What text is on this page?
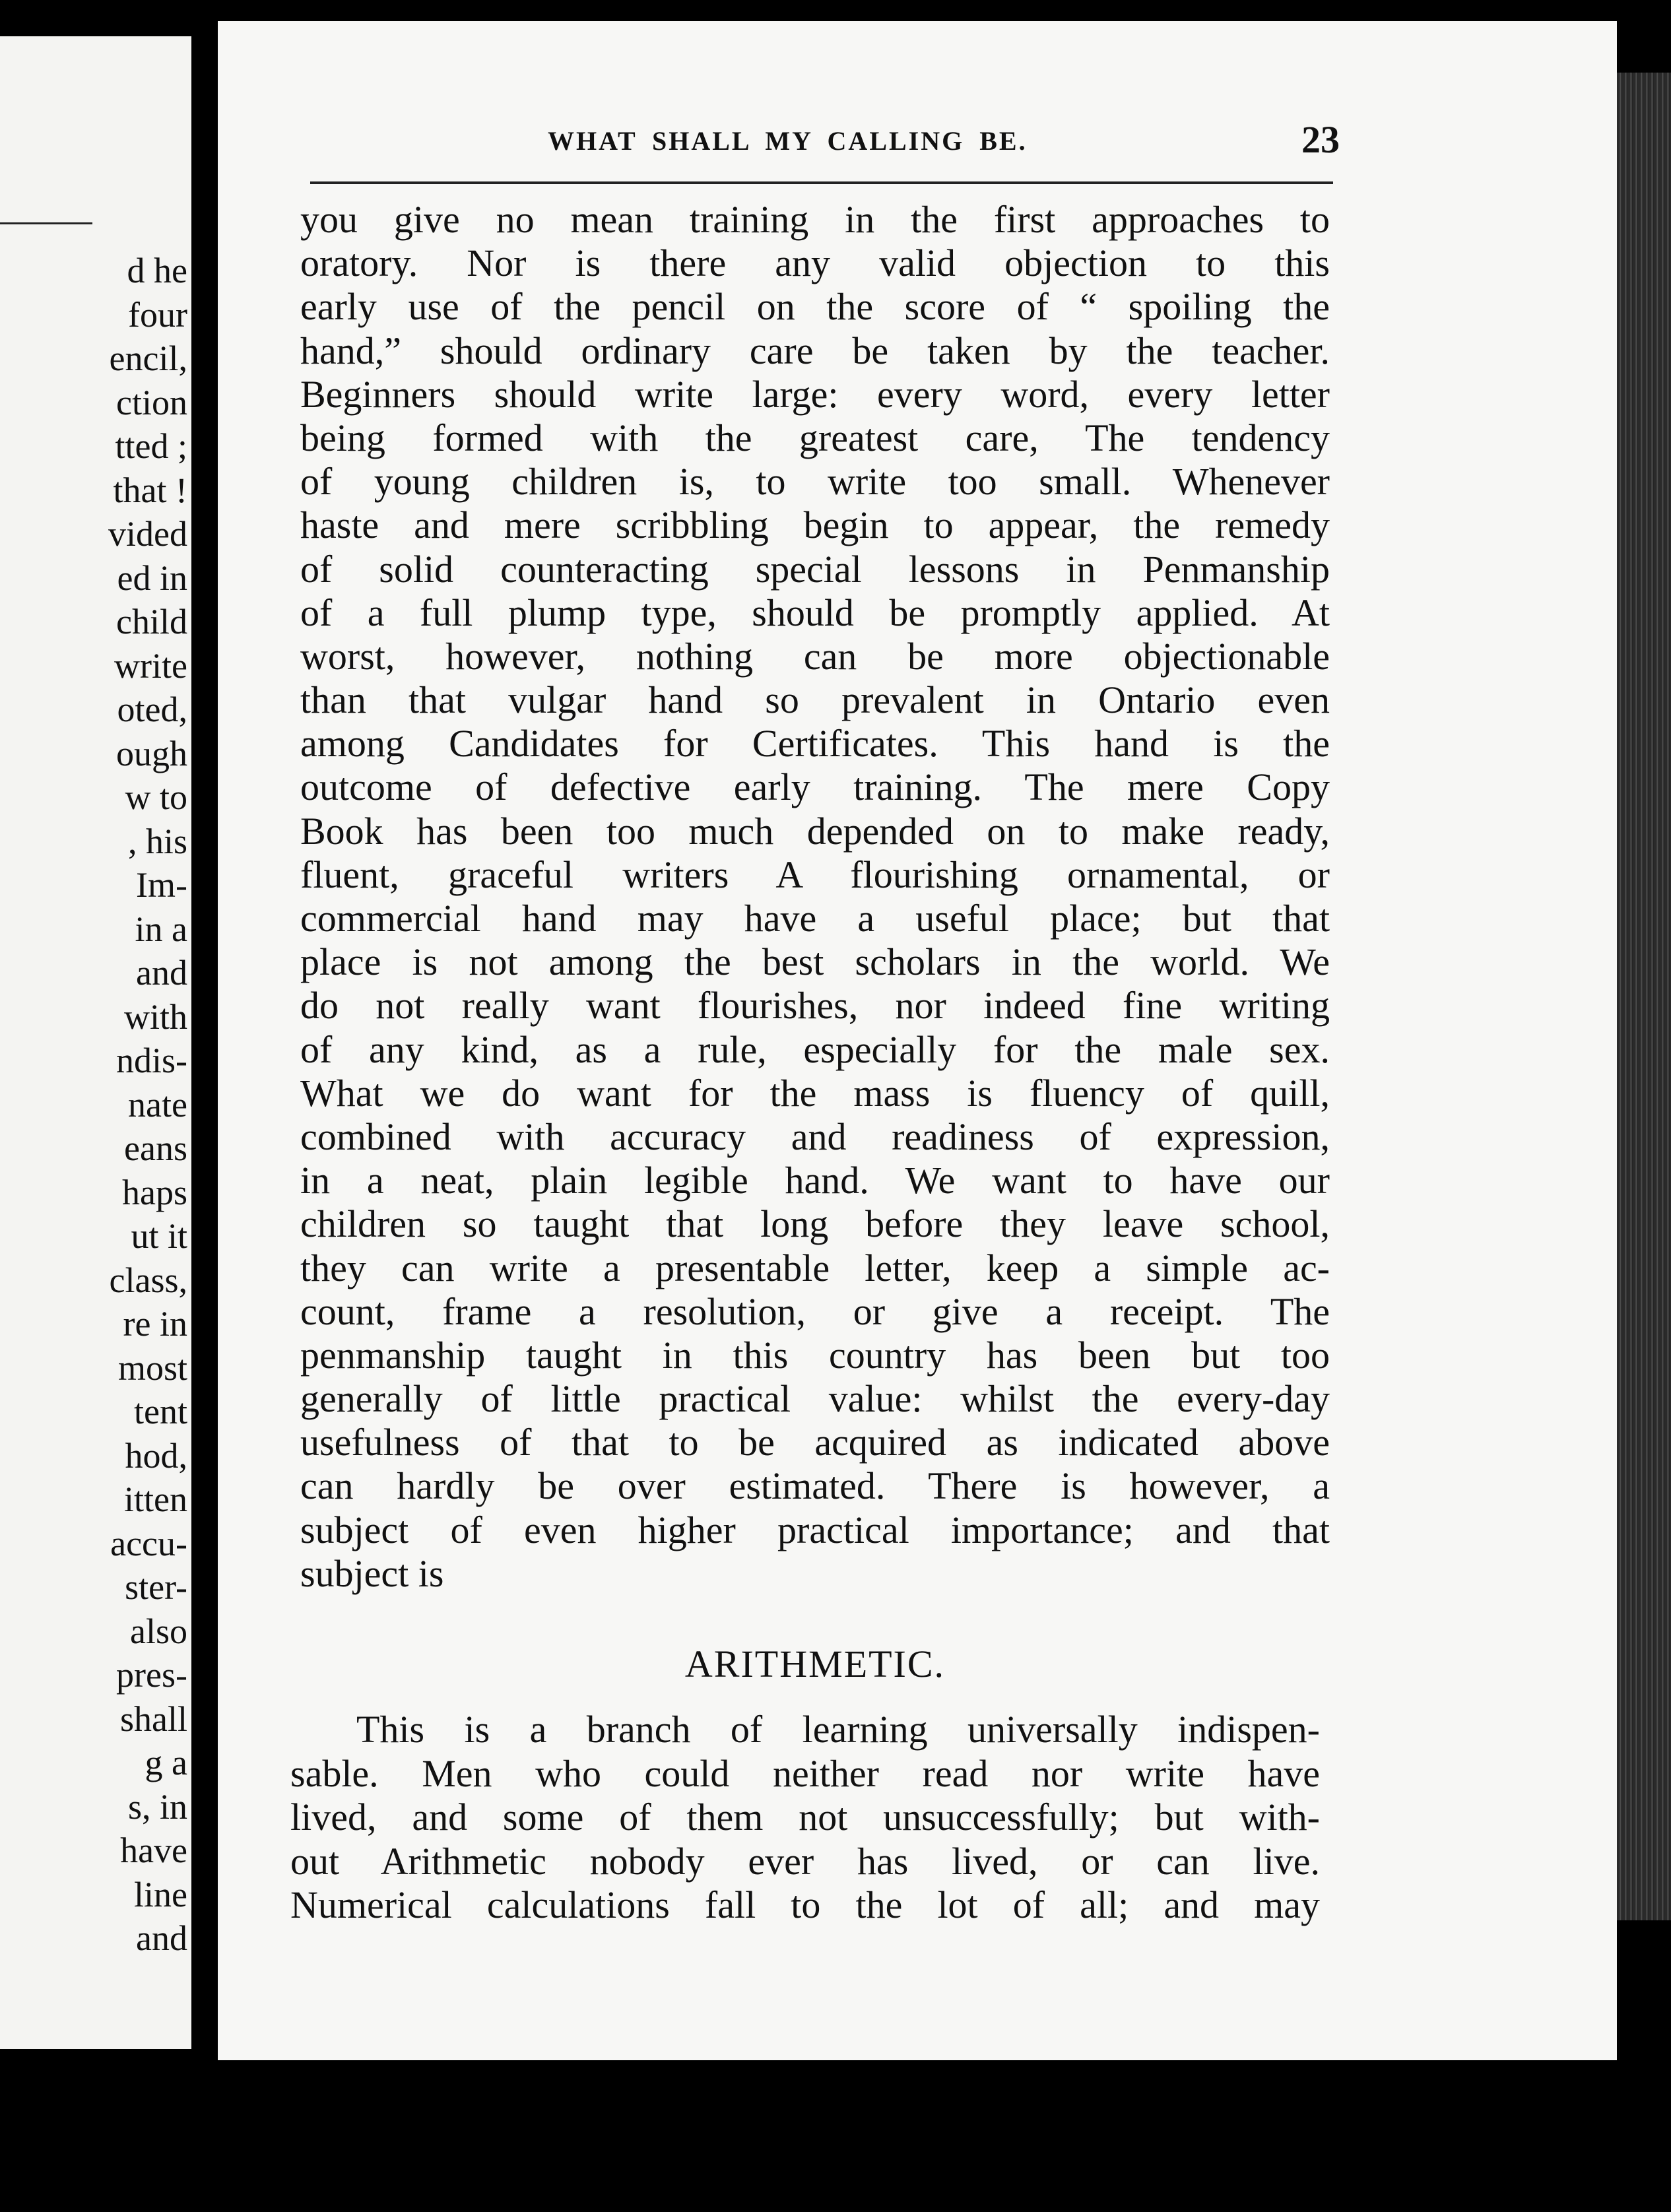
d he
four
encil,
ction
tted ;
that !
vided
ed in
child
write
oted,
ough
w to
, his
Im-
in a
and
with
ndis-
nate
eans
haps
ut it
class,
re in
most
tent
hod,
itten
accu-
ster-
also
pres-
shall
g a
s, in
have
line
and
WHAT SHALL MY CALLING BE.	23
you give no mean training in the first approaches to
oratory. Nor is there any valid objection to this
early use of the pencil on the score of “ spoiling the
hand,” should ordinary care be taken by the teacher.
Beginners should write large: every word, every letter
being formed with the greatest care, The tendency
of young children is, to write too small. Whenever
haste and mere scribbling begin to appear, the remedy
of solid counteracting special lessons in Penmanship
of a full plump type, should be promptly applied. At
worst, however, nothing can be more objectionable
than that vulgar hand so prevalent in Ontario even
among Candidates for Certificates. This hand is the
outcome of defective early training. The mere Copy
Book has been too much depended on to make ready,
fluent, graceful writers A flourishing ornamental, or
commercial hand may have a useful place; but that
place is not among the best scholars in the world. We
do not really want flourishes, nor indeed fine writing
of any kind, as a rule, especially for the male sex.
What we do want for the mass is fluency of quill,
combined with accuracy and readiness of expression,
in a neat, plain legible hand. We want to have our
children so taught that long before they leave school,
they can write a presentable letter, keep a simple ac-
count, frame a resolution, or give a receipt. The
penmanship taught in this country has been but too
generally of little practical value: whilst the every-day
usefulness of that to be acquired as indicated above
can hardly be over estimated. There is however, a
subject of even higher practical importance; and that
subject is
ARITHMETIC.
This is a branch of learning universally indispen-
sable. Men who could neither read nor write have
lived, and some of them not unsuccessfully; but with-
out Arithmetic nobody ever has lived, or can live.
Numerical calculations fall to the lot of all; and may
